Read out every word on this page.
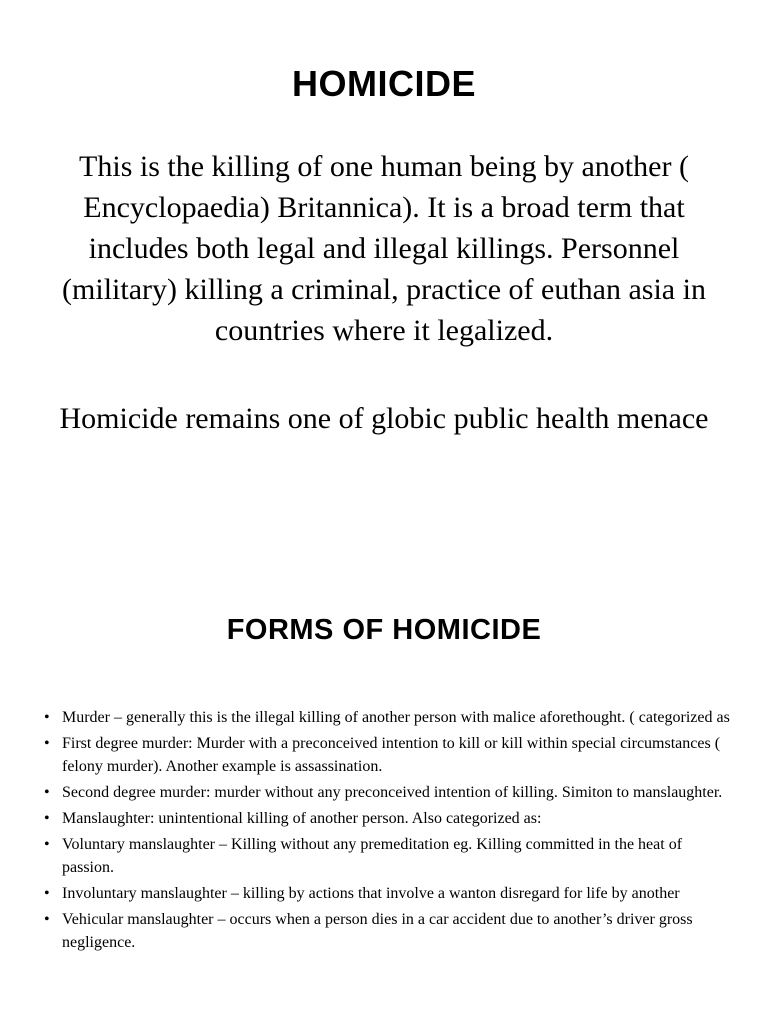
HOMICIDE

This is the killing of one human being by another ( Encyclopaedia) Britannica). It is a broad term that includes both legal and illegal killings. Personnel (military) killing a criminal, practice of euthan asia in countries where it legalized.

Homicide remains one of globic public health menace

FORMS OF HOMICIDE
• Murder – generally this is the illegal killing of another person with malice aforethought. ( categorized as
• First degree murder: Murder with a preconceived intention to kill or kill within special circumstances ( felony murder). Another example is assassination.
• Second degree murder: murder without any preconceived intention of killing. Simiton to manslaughter.
• Manslaughter: unintentional killing of another person. Also categorized as:
• Voluntary manslaughter – Killing without any premeditation eg. Killing committed in the heat of passion.
• Involuntary manslaughter – killing by actions that involve a wanton disregard for life by another
• Vehicular manslaughter – occurs when a person dies in a car accident due to another’s driver gross negligence.
